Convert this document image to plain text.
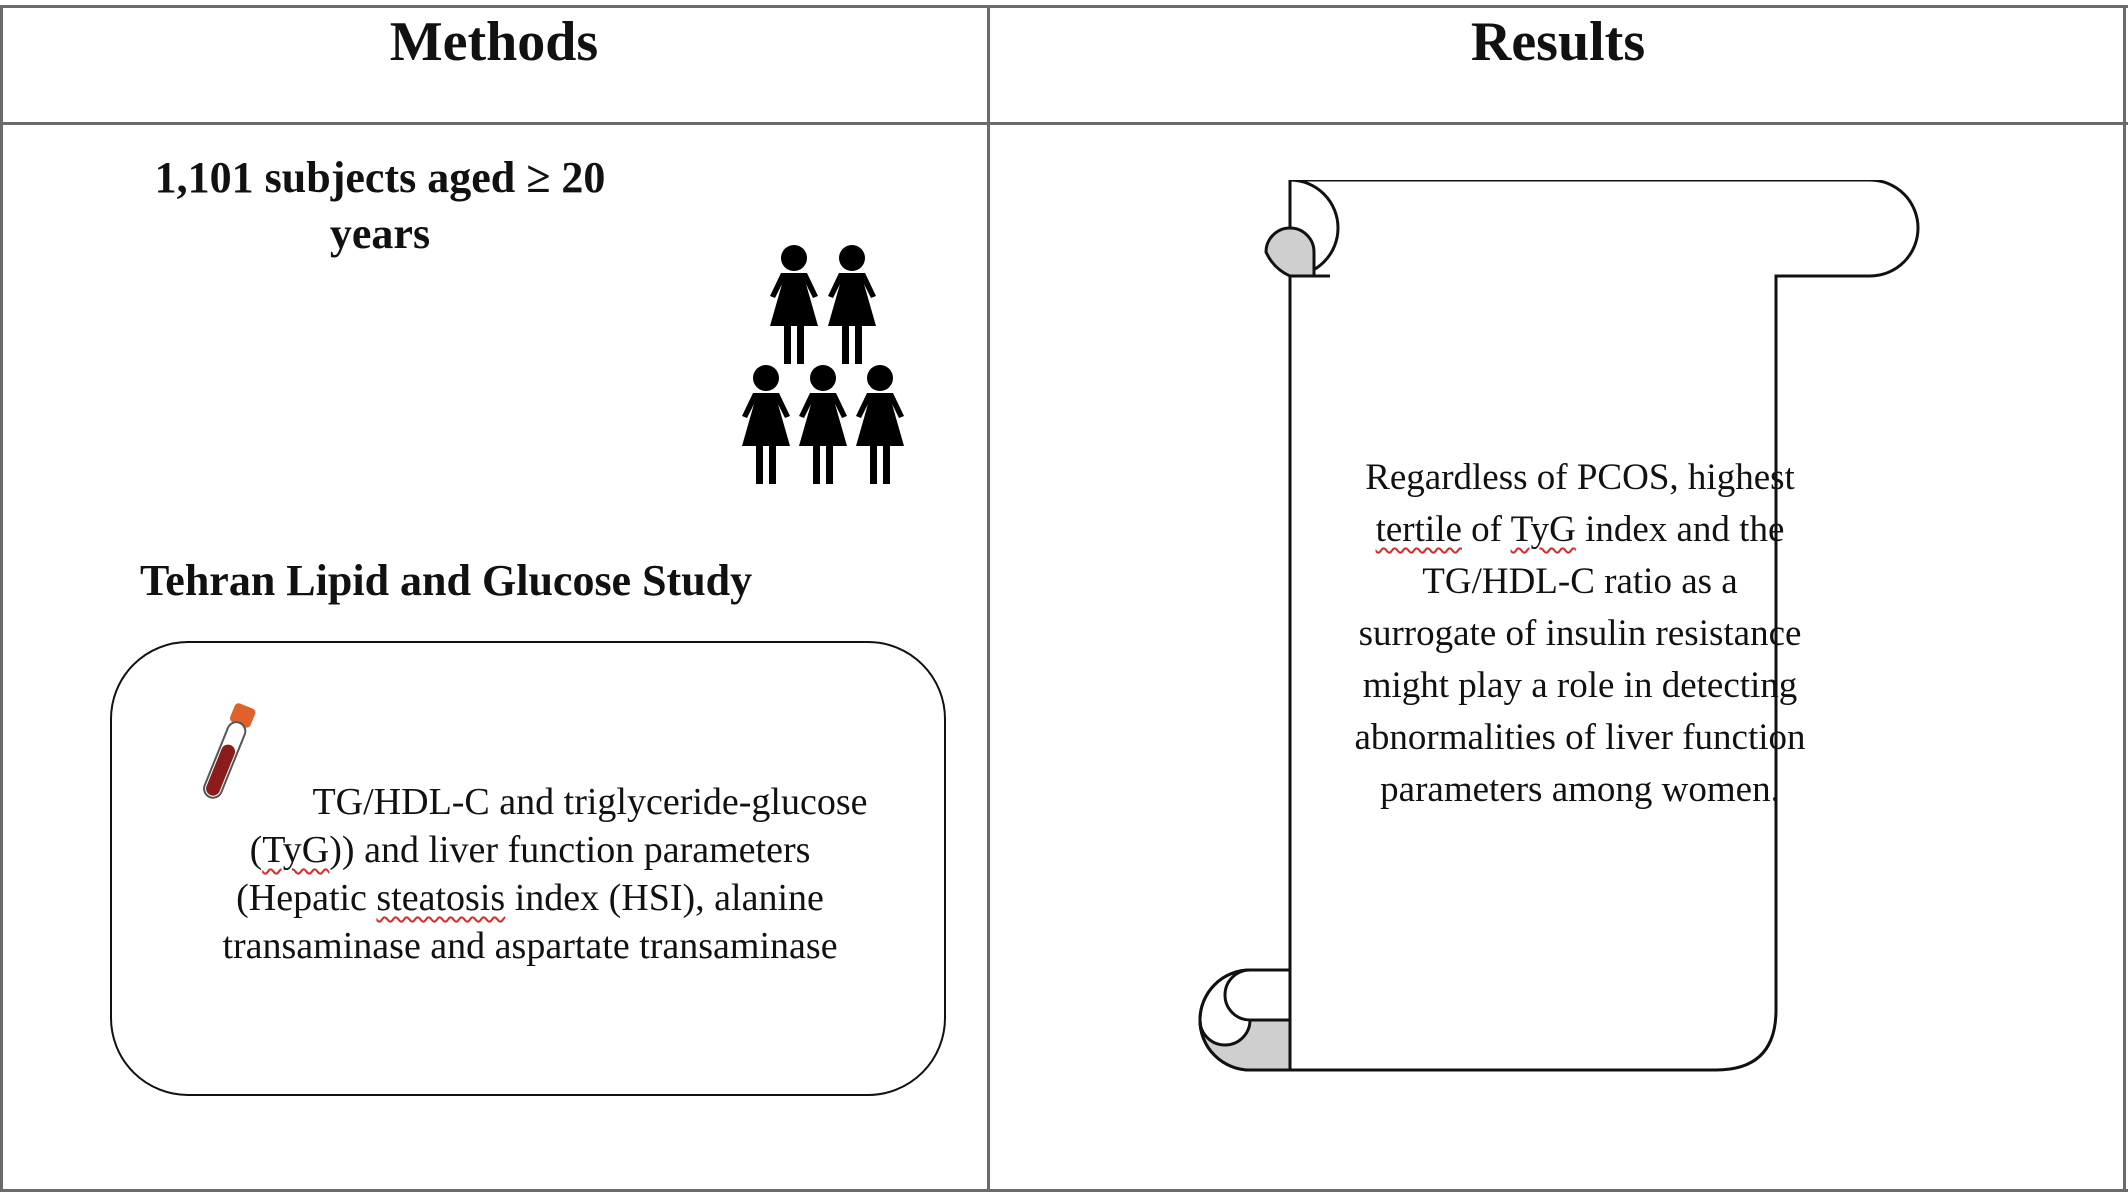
Methods	Results
1,101 subjects aged ≥ 20
years
Tehran Lipid and Glucose Study
TG/HDL-C and triglyceride-glucose
(TyG)) and liver function parameters
(Hepatic steatosis index (HSI), alanine
transaminase and aspartate transaminase
Regardless of PCOS, highest
tertile of TyG index and the
TG/HDL-C ratio as a
surrogate of insulin resistance
might play a role in detecting
abnormalities of liver function
parameters among women.
